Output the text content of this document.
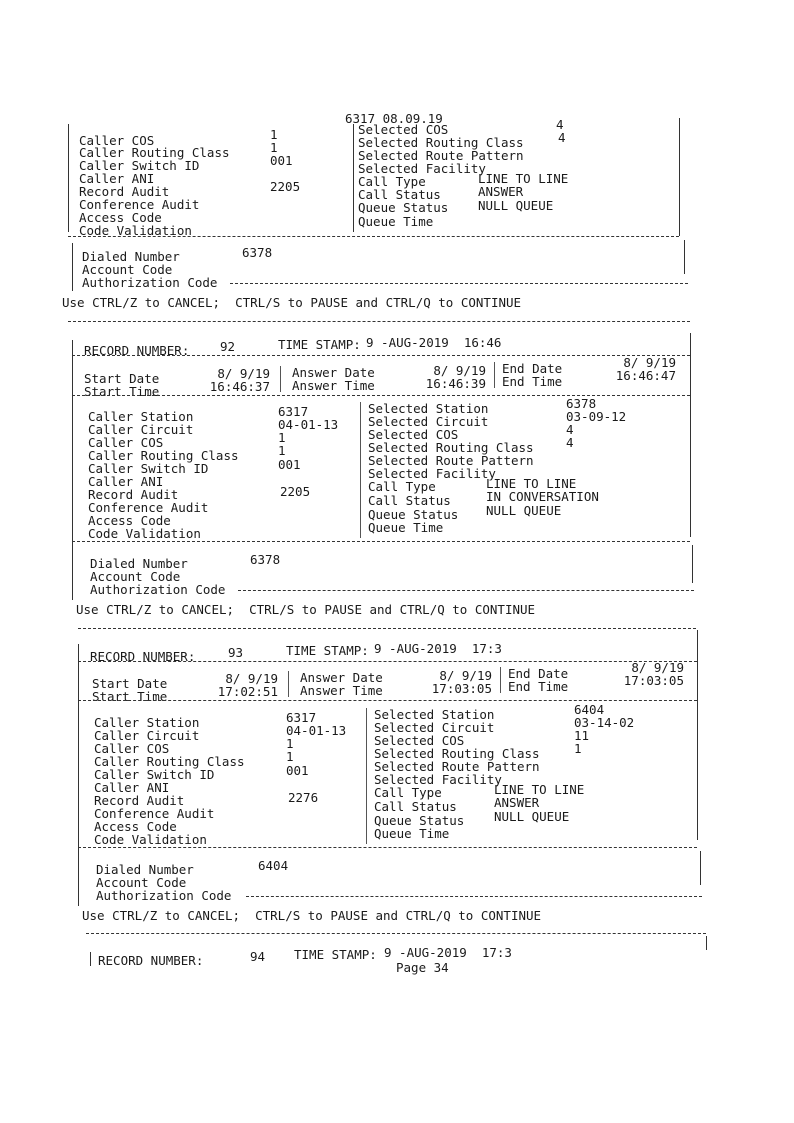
6317 08.09.19
Caller COS	1
Caller Routing Class	1
Caller Switch ID	001
Caller ANI
Record Audit	2205
Conference Audit
Access Code
Code Validation
Selected COS	4
Selected Routing Class	4
Selected Route Pattern
Selected Facility
Call Type	LINE TO LINE
Call Status	ANSWER
Queue Status NULL QUEUE
Queue Time
Dialed Number	6378
Account Code
Authorization Code
Use CTRL/Z to CANCEL;  CTRL/S to PAUSE and CTRL/Q to CONTINUE
RECORD NUMBER: 92	TIME STAMP: 9 -AUG-2019  16:46
Start Date	8/ 9/19
Start Time	16:46:37
Answer Date	8/ 9/19
Answer Time	16:46:39
End Date	8/ 9/19
End Time	16:46:47
Caller Station	6317
Caller Circuit	04-01-13
Caller COS	1
Caller Routing Class	1
Caller Switch ID	001
Caller ANI
Record Audit	2205
Conference Audit
Access Code
Code Validation
Selected Station	6378
Selected Circuit	03-09-12
Selected COS	4
Selected Routing Class	4
Selected Route Pattern
Selected Facility
Call Type	LINE TO LINE
Call Status	IN CONVERSATION
Queue Status NULL QUEUE
Queue Time
Dialed Number	6378
Account Code
Authorization Code
Use CTRL/Z to CANCEL;  CTRL/S to PAUSE and CTRL/Q to CONTINUE
RECORD NUMBER:	93	TIME STAMP: 9 -AUG-2019  17:3
Start Date	8/ 9/19
Start Time	17:02:51
Answer Date	8/ 9/19
Answer Time	17:03:05
End Date	8/ 9/19
End Time	17:03:05
Caller Station	6317
Caller Circuit	04-01-13
Caller COS	1
Caller Routing Class	1
Caller Switch ID	001
Caller ANI
Record Audit	2276
Conference Audit
Access Code
Code Validation
Selected Station	6404
Selected Circuit	03-14-02
Selected COS	11
Selected Routing Class	1
Selected Route Pattern
Selected Facility
Call Type	LINE TO LINE
Call Status	ANSWER
Queue Status NULL QUEUE
Queue Time
Dialed Number	6404
Account Code
Authorization Code
Use CTRL/Z to CANCEL;  CTRL/S to PAUSE and CTRL/Q to CONTINUE
RECORD NUMBER:	94 TIME STAMP: 9 -AUG-2019  17:3
Page 34
